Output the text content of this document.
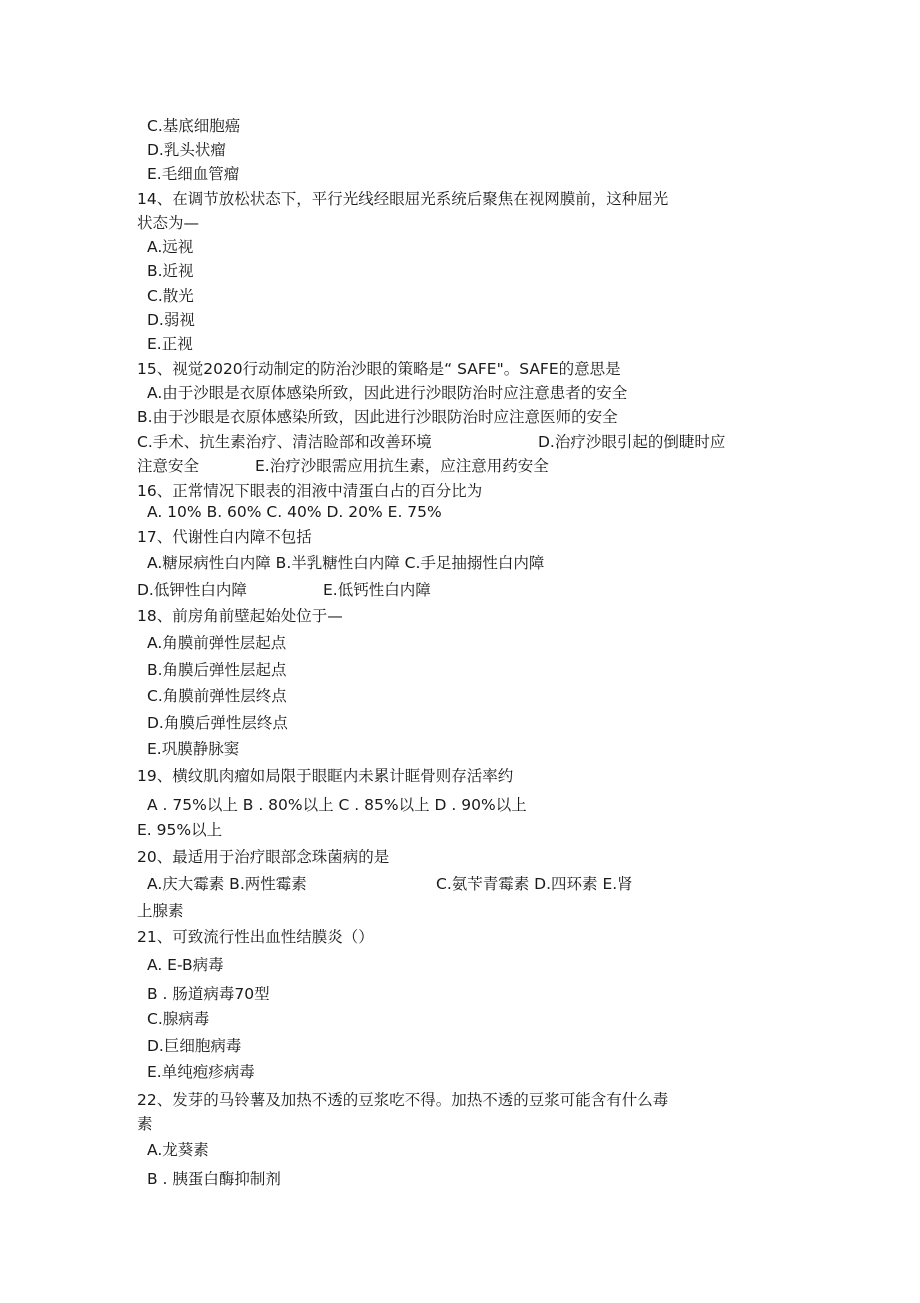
C.基底细胞癌
D.乳头状瘤
E.毛细血管瘤
14、在调节放松状态下，平行光线经眼屈光系统后聚焦在视网膜前，这种屈光
状态为—
A.远视
B.近视
C.散光
D.弱视
E.正视
15、视觉2020行动制定的防治沙眼的策略是“ SAFE"。SAFE的意思是
A.由于沙眼是衣原体感染所致，因此进行沙眼防治时应注意患者的安全
B.由于沙眼是衣原体感染所致，因此进行沙眼防治时应注意医师的安全
C.手术、抗生素治疗、清洁睑部和改善环境	D.治疗沙眼引起的倒睫时应
注意安全	E.治疗沙眼需应用抗生素，应注意用药安全
16、正常情况下眼表的泪液中清蛋白占的百分比为
A. 10% B. 60% C. 40% D. 20% E. 75%
17、代谢性白内障不包括
A.糖尿病性白内障 B.半乳糖性白内障 C.手足抽搦性白内障
D.低钾性白内障	E.低钙性白内障
18、前房角前壁起始处位于—
A.角膜前弹性层起点
B.角膜后弹性层起点
C.角膜前弹性层终点
D.角膜后弹性层终点
E.巩膜静脉窦
19、横纹肌肉瘤如局限于眼眶内未累计眶骨则存活率约
A . 75%以上 B . 80%以上 C . 85%以上 D . 90%以上
E. 95%以上
20、最适用于治疗眼部念珠菌病的是
A.庆大霉素 B.两性霉素	C.氨苄青霉素 D.四环素 E.肾
上腺素
21、可致流行性出血性结膜炎（）
A. E-B病毒
B . 肠道病毒70型
C.腺病毒
D.巨细胞病毒
E.单纯疱疹病毒
22、发芽的马铃薯及加热不透的豆浆吃不得。加热不透的豆浆可能含有什么毒
素
A.龙葵素
B . 胰蛋白酶抑制剂
